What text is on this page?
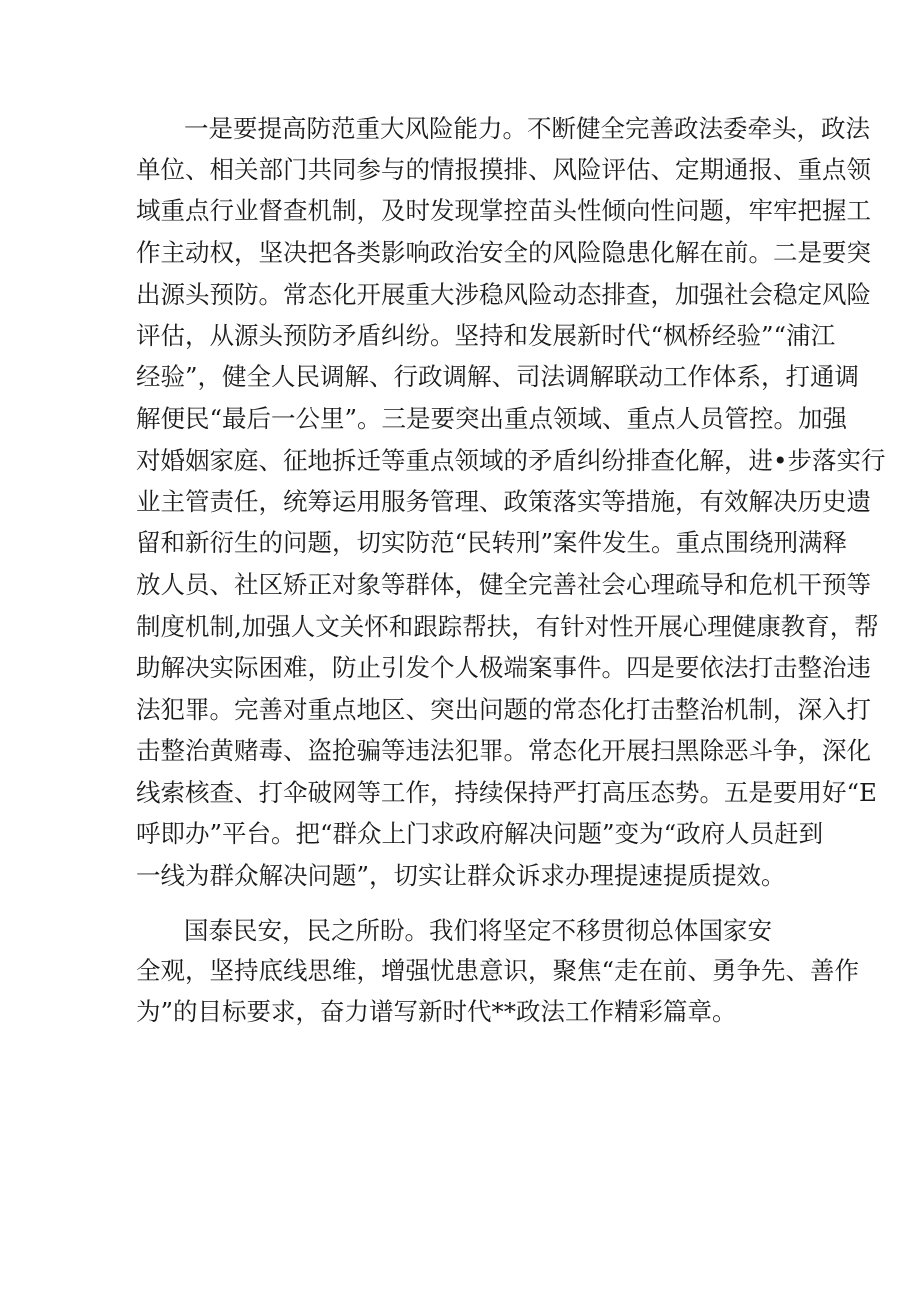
一是要提高防范重大风险能力。不断健全完善政法委牵头，政法
单位、相关部门共同参与的情报摸排、风险评估、定期通报、重点领
域重点行业督查机制，及时发现掌控苗头性倾向性问题，牢牢把握工
作主动权，坚决把各类影响政治安全的风险隐患化解在前。二是要突
出源头预防。常态化开展重大涉稳风险动态排查，加强社会稳定风险
评估，从源头预防矛盾纠纷。坚持和发展新时代“枫桥经验”“浦江
经验”，健全人民调解、行政调解、司法调解联动工作体系，打通调
解便民“最后一公里”。三是要突出重点领域、重点人员管控。加强
对婚姻家庭、征地拆迁等重点领域的矛盾纠纷排查化解，进•步落实行
业主管责任，统筹运用服务管理、政策落实等措施，有效解决历史遗
留和新衍生的问题，切实防范“民转刑”案件发生。重点围绕刑满释
放人员、社区矫正对象等群体，健全完善社会心理疏导和危机干预等
制度机制,加强人文关怀和跟踪帮扶，有针对性开展心理健康教育，帮
助解决实际困难，防止引发个人极端案事件。四是要依法打击整治违
法犯罪。完善对重点地区、突出问题的常态化打击整治机制，深入打
击整治黄赌毒、盗抢骗等违法犯罪。常态化开展扫黑除恶斗争，深化
线索核查、打伞破网等工作，持续保持严打高压态势。五是要用好“E
呼即办”平台。把“群众上门求政府解决问题”变为“政府人员赶到
一线为群众解决问题”，切实让群众诉求办理提速提质提效。
国泰民安，民之所盼。我们将坚定不移贯彻总体国家安
全观，坚持底线思维，增强忧患意识，聚焦“走在前、勇争先、善作
为”的目标要求，奋力谱写新时代**政法工作精彩篇章。
